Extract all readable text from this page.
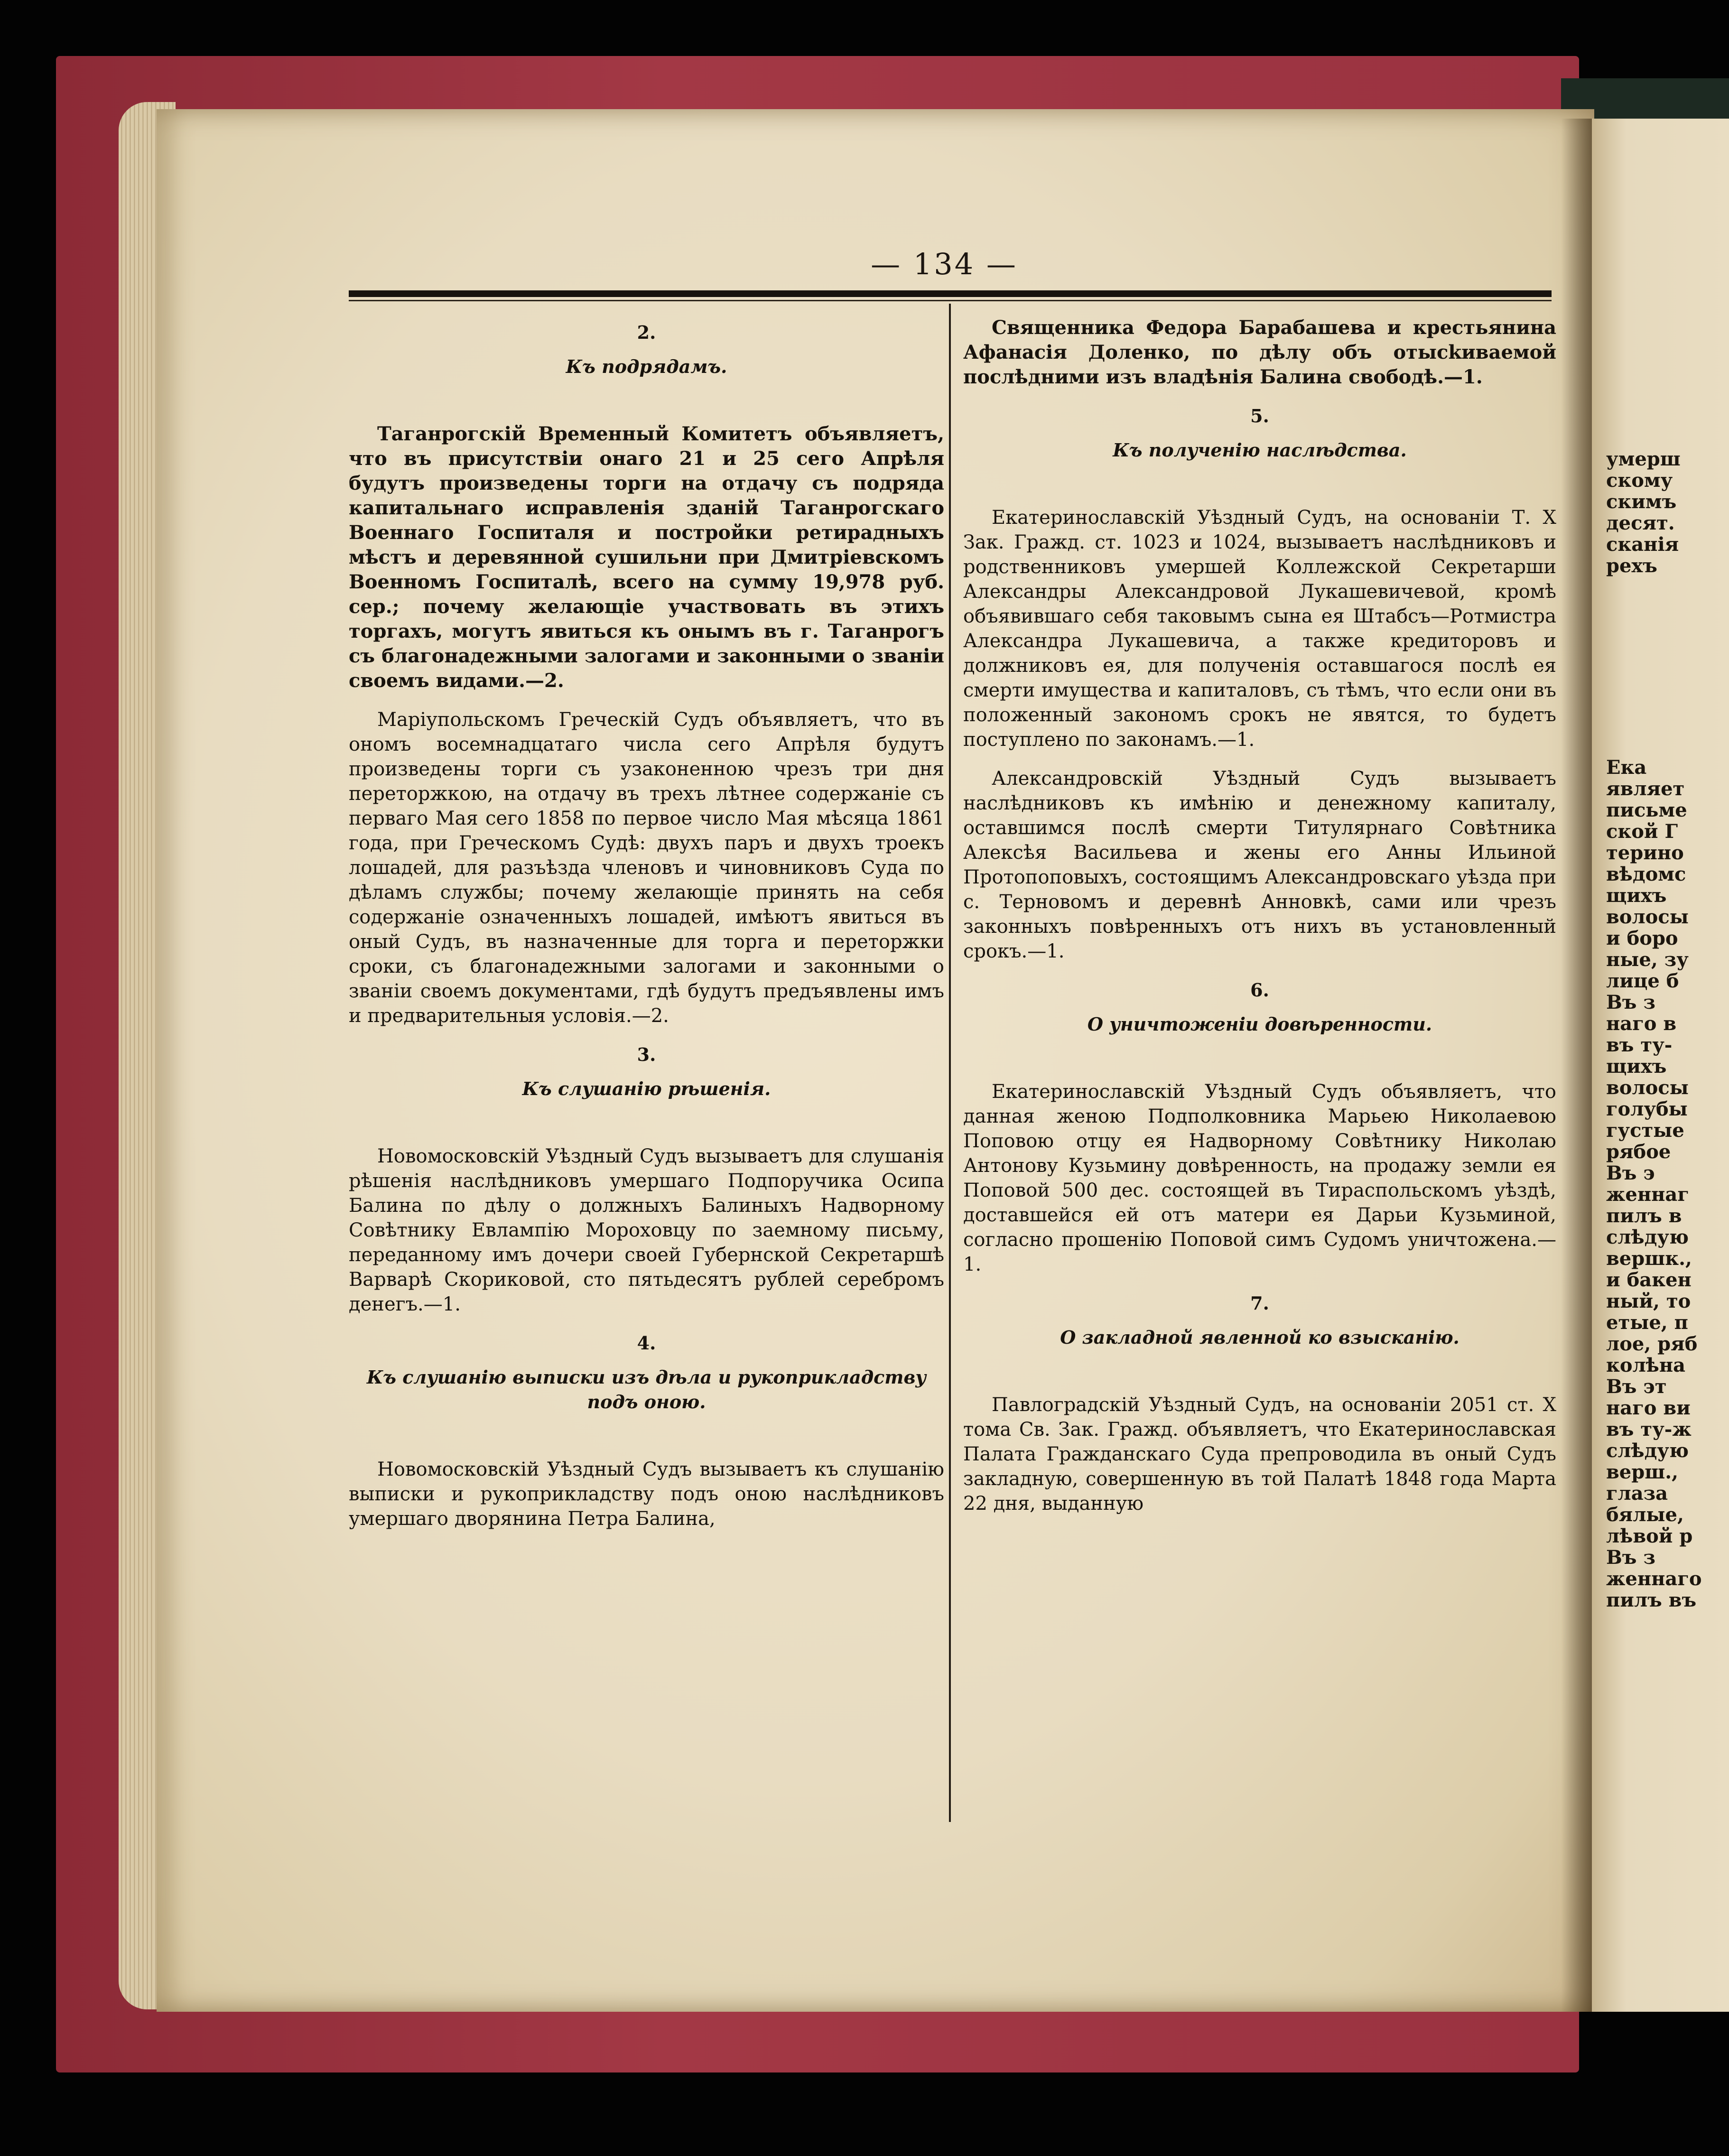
умерш
скому
скимъ
десят.
сканія
рехъ
Ека
являет
письме
ской Г
терино
вѣдомс
щихъ
волосы
и боро
ные, зу
лице б
Въ з
наго в
въ ту-
щихъ
волосы
голубы
густые
рябое
Въ э
женнаг
пилъ в
слѣдую
вершк.,
и бакен
ный, то
етые, п
лое, ряб
колѣна
Въ эт
наго ви
въ ту-ж
слѣдую
верш.,
глаза
бялые,
лѣвой р
Въ з
женнаго
пилъ въ
— 134 —
2.
Къ подрядамъ.

Таганрогскій Временный Комитетъ объявляетъ, что въ присутствіи онаго 21 и 25 сего Апрѣля будутъ произведены торги на отдачу съ подряда капитальнаго исправленія зданій Таганрогскаго Военнаго Госпиталя и постройки ретирадныхъ мѣстъ и деревянной сушильни при Дмитріевскомъ Военномъ Госпиталѣ, всего на сумму 19,978 руб. сер.; почему желающіе участвовать въ этихъ торгахъ, могутъ явиться къ онымъ въ г. Таганрогъ съ благонадежными залогами и законными о званіи своемъ видами.—2.

Маріупольскомъ Греческій Судъ объявляетъ, что въ ономъ восемнадцатаго числа сего Апрѣля будутъ произведены торги съ узаконенною чрезъ три дня переторжкою, на отдачу въ трехъ лѣтнее содержаніе съ перваго Мая сего 1858 по первое число Мая мѣсяца 1861 года, при Греческомъ Судѣ: двухъ паръ и двухъ троекъ лошадей, для разъѣзда членовъ и чиновниковъ Суда по дѣламъ службы; почему желающіе принять на себя содержаніе означенныхъ лошадей, имѣютъ явиться въ оный Судъ, въ назначенные для торга и переторжки сроки, съ благонадежными залогами и законными о званіи своемъ документами, гдѣ будутъ предъявлены имъ и предварительныя условія.—2.

3.
Къ слушанію рѣшенія.

Новомосковскій Уѣздный Судъ вызываетъ для слушанія рѣшенія наслѣдниковъ умершаго Подпоручика Осипа Балина по дѣлу о должныхъ Балиныхъ Надворному Совѣтнику Евлампію Мороховцу по заемному письму, переданному имъ дочери своей Губернской Секретаршѣ Варварѣ Скориковой, сто пятьдесятъ рублей серебромъ денегъ.—1.

4.
Къ слушанію выписки изъ дѣла и рукоприкладству подъ оною.

Новомосковскій Уѣздный Судъ вызываетъ къ слушанію выписки и рукоприкладству подъ оною наслѣдниковъ умершаго дворянина Петра Балина,

Священника Федора Барабашева и крестьянина Афанасія Доленко, по дѣлу объ отысkиваемой послѣдними изъ владѣнія Балина свободѣ.—1.

5.
Къ полученію наслѣдства.

Екатеринославскій Уѣздный Судъ, на основаніи Т. X Зак. Гражд. ст. 1023 и 1024, вызываетъ наслѣдниковъ и родственниковъ умершей Коллежской Секретарши Александры Александровой Лукашевичевой, кромѣ объявившаго себя таковымъ сына ея Штабсъ—Ротмистра Александра Лукашевича, а также кредиторовъ и должниковъ ея, для полученія оставшагося послѣ ея смерти имущества и капиталовъ, съ тѣмъ, что если они въ положенный закономъ срокъ не явятся, то будетъ поступлено по законамъ.—1.

Александровскій Уѣздный Судъ вызываетъ наслѣдниковъ къ имѣнію и денежному капиталу, оставшимся послѣ смерти Титулярнаго Совѣтника Алексѣя Васильева и жены его Анны Ильиной Протопоповыхъ, состоящимъ Александровскаго уѣзда при с. Терновомъ и деревнѣ Анновкѣ, сами или чрезъ законныхъ повѣренныхъ отъ нихъ въ установленный срокъ.—1.

6.
О уничтоженіи довѣренности.

Екатеринославскій Уѣздный Судъ объявляетъ, что данная женою Подполковника Марьею Николаевою Поповою отцу ея Надворному Совѣтнику Николаю Антонову Кузьмину довѣренность, на продажу земли ея Поповой 500 дес. состоящей въ Тираспольскомъ уѣздѣ, доставшейся ей отъ матери ея Дарьи Кузьминой, согласно прошенію Поповой симъ Судомъ уничтожена.—1.

7.
О закладной явленной ко взысканію.

Павлоградскій Уѣздный Судъ, на основаніи 2051 ст. X тома Св. Зак. Гражд. объявляетъ, что Екатеринославская Палата Гражданскаго Суда препроводила въ оный Судъ закладную, совершенную въ той Палатѣ 1848 года Марта 22 дня, выданную
